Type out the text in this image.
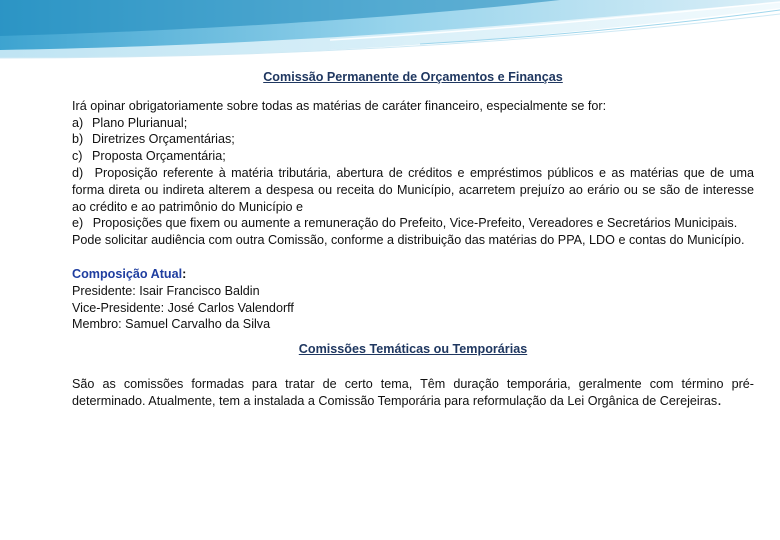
Comissão Permanente de Orçamentos e Finanças

Irá opinar obrigatoriamente sobre todas as matérias de caráter financeiro, especialmente se for:

a) Plano Plurianual;
b) Diretrizes Orçamentárias;
c) Proposta Orçamentária;
d) Proposição referente à matéria tributária, abertura de créditos e empréstimos públicos e as matérias que de uma forma direta ou indireta alterem a despesa ou receita do Município, acarretem prejuízo ao erário ou se são de interesse ao crédito e ao patrimônio do Município e
e) Proposições que fixem ou aumente a remuneração do Prefeito, Vice-Prefeito, Vereadores e Secretários Municipais.

Pode solicitar audiência com outra Comissão, conforme a distribuição das matérias do PPA, LDO e contas do Município.

Composição Atual:

Presidente: Isair Francisco Baldin

Vice-Presidente: José Carlos Valendorff

Membro: Samuel Carvalho da Silva

Comissões Temáticas ou Temporárias

São as comissões formadas para tratar de certo tema, Têm duração temporária, geralmente com término pré-determinado. Atualmente, tem a instalada a Comissão Temporária para reformulação da Lei Orgânica de Cerejeiras.
